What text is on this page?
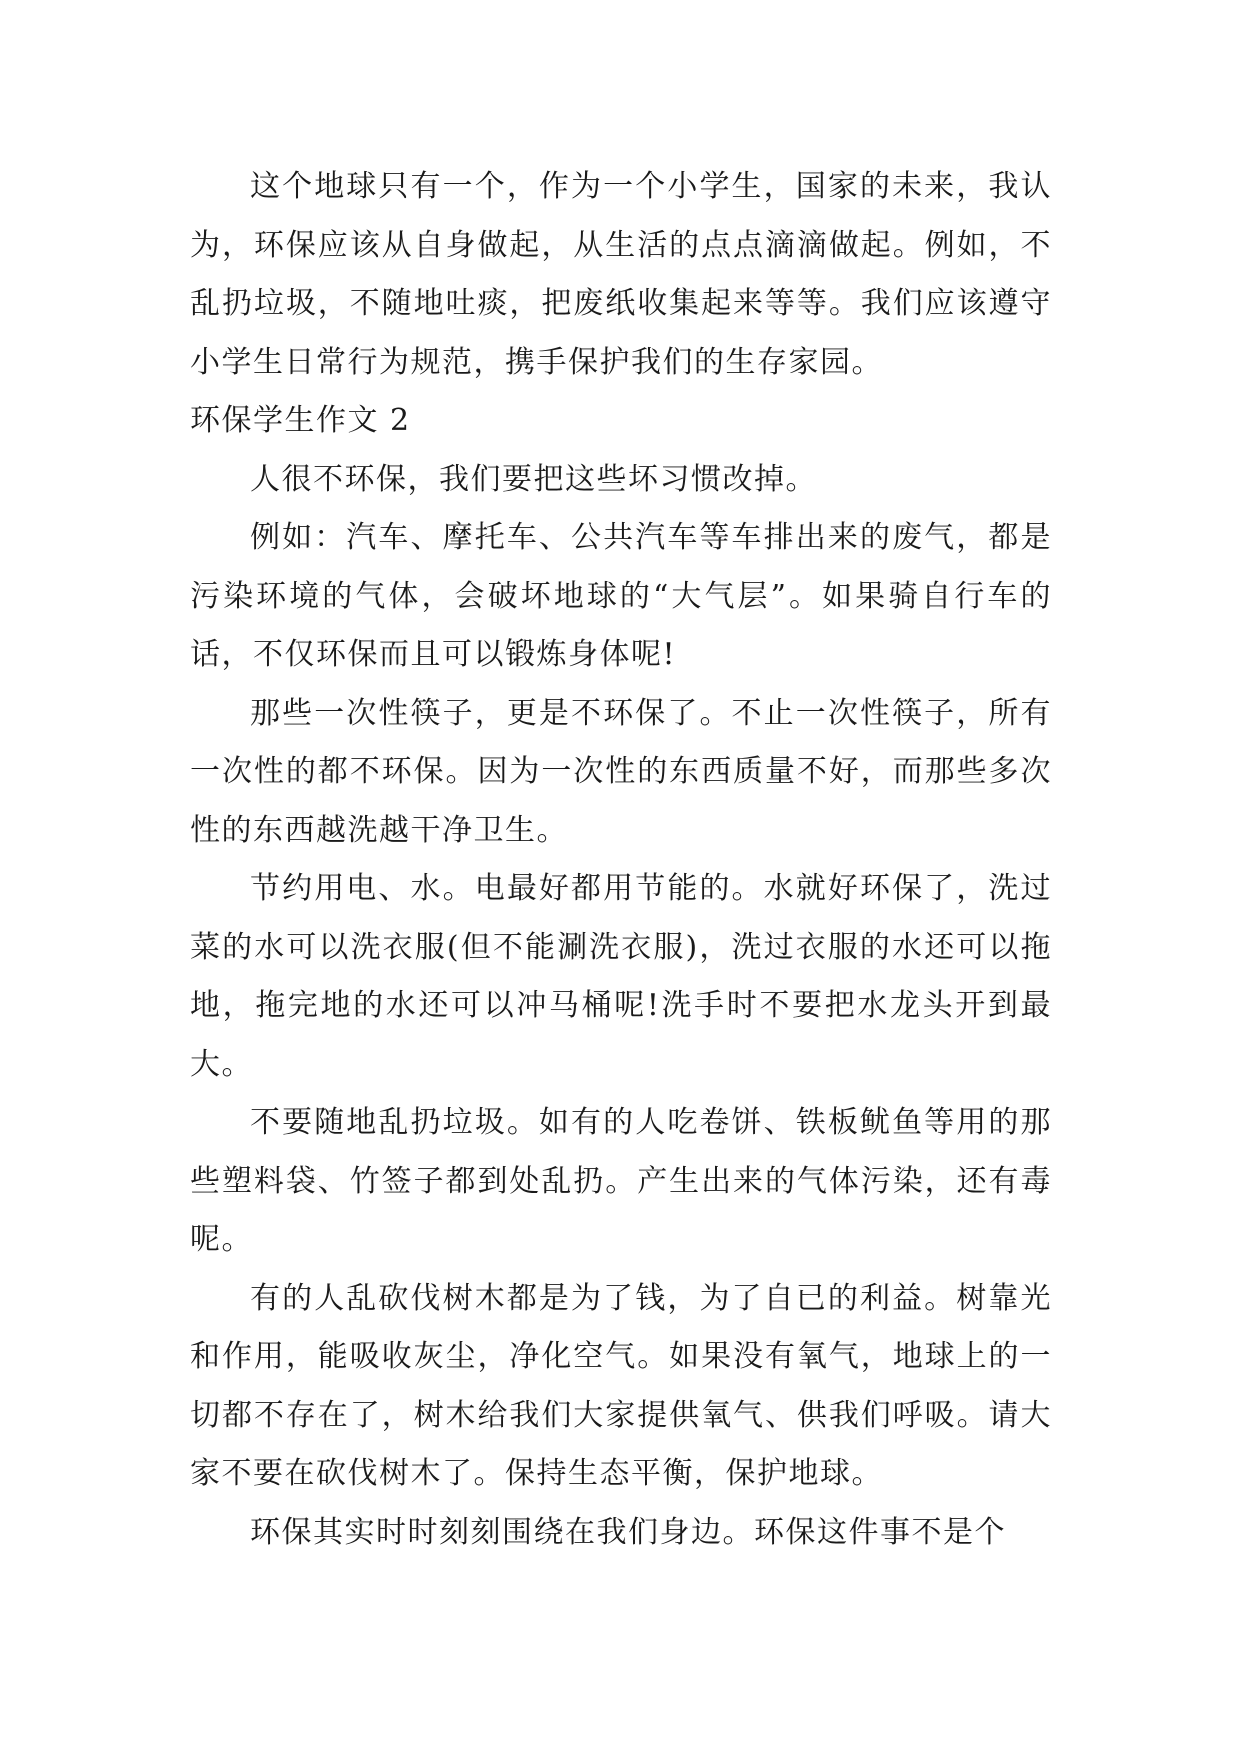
这个地球只有一个，作为一个小学生，国家的未来，我认为，环保应该从自身做起，从生活的点点滴滴做起。例如，不乱扔垃圾，不随地吐痰，把废纸收集起来等等。我们应该遵守小学生日常行为规范，携手保护我们的生存家园。

环保学生作文 2

人很不环保，我们要把这些坏习惯改掉。

例如：汽车、摩托车、公共汽车等车排出来的废气，都是污染环境的气体，会破坏地球的“大气层”。如果骑自行车的话，不仅环保而且可以锻炼身体呢!

那些一次性筷子，更是不环保了。不止一次性筷子，所有一次性的都不环保。因为一次性的东西质量不好，而那些多次性的东西越洗越干净卫生。

节约用电、水。电最好都用节能的。水就好环保了，洗过菜的水可以洗衣服(但不能涮洗衣服)，洗过衣服的水还可以拖地，拖完地的水还可以冲马桶呢!洗手时不要把水龙头开到最大。

不要随地乱扔垃圾。如有的人吃卷饼、铁板鱿鱼等用的那些塑料袋、竹签子都到处乱扔。产生出来的气体污染，还有毒呢。

有的人乱砍伐树木都是为了钱，为了自已的利益。树靠光和作用，能吸收灰尘，净化空气。如果没有氧气，地球上的一切都不存在了，树木给我们大家提供氧气、供我们呼吸。请大家不要在砍伐树木了。保持生态平衡，保护地球。

环保其实时时刻刻围绕在我们身边。环保这件事不是个
